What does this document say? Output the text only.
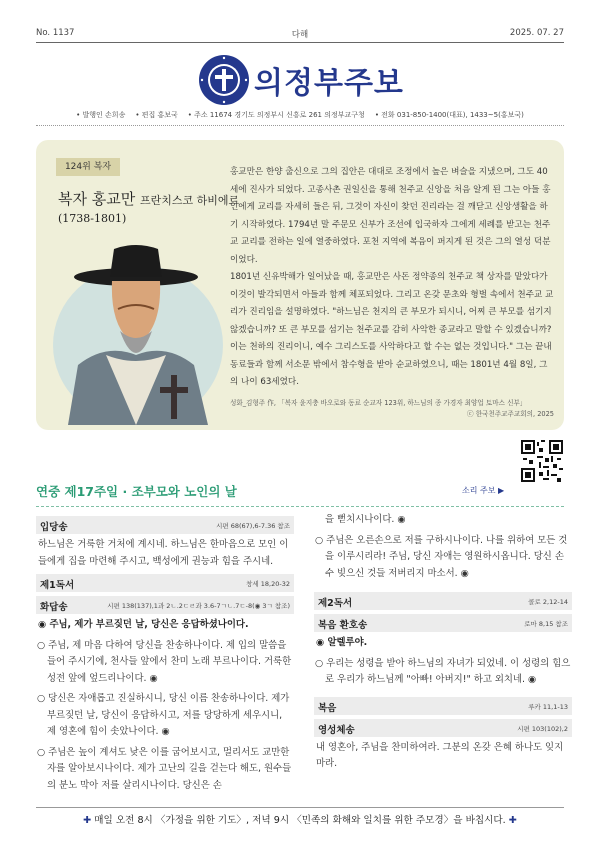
No. 1137	다해	2025. 07. 27
의정부주보
• 발행인 손희송	• 편집 홍보국	• 주소 11674 경기도 의정부시 신흥로 261 의정부교구청	• 전화 031-850-1400(대표), 1433~5(홍보국)
124위 복자
복자 홍교만 프란치스코 하비에르
(1738-1801)

홍교만은 한양 출신으로 그의 집안은 대대로 조정에서 높은 벼슬을 지냈으며, 그도 40세에 진사가 되었다. 고종사촌 권일신을 통해 천주교 신앙을 처음 알게 된 그는 아들 홍인에게 교리를 자세히 들은 뒤, 그것이 자신이 찾던 진리라는 걸 깨닫고 신앙생활을 하기 시작하였다. 1794년 말 주문모 신부가 조선에 입국하자 그에게 세례를 받고는 천주교 교리를 전하는 일에 열중하였다. 포천 지역에 복음이 퍼지게 된 것은 그의 열성 덕분이었다.

1801년 신유박해가 일어났을 때, 홍교만은 사돈 정약종의 천주교 책 상자를 맡았다가 이것이 발각되면서 아들과 함께 체포되었다. 그리고 온갖 문초와 형벌 속에서 천주교 교리가 진리임을 설명하였다. "하느님은 천지의 큰 부모가 되시니, 어찌 큰 부모를 섬기지 않겠습니까? 또 큰 부모를 섬기는 천주교를 감히 사악한 종교라고 말할 수 있겠습니까? 이는 천하의 진리이니, 예수 그리스도를 사악하다고 할 수는 없는 것입니다." 그는 끝내 동료들과 함께 서소문 밖에서 참수형을 받아 순교하였으니, 때는 1801년 4월 8일, 그의 나이 63세였다.

성화_김형주 作, 「복자 윤지충 바오로와 동료 순교자 123위, 하느님의 종 가경자 최양업 토마스 신부」
ⓒ 한국천주교주교회의, 2025
연중 제17주일 · 조부모와 노인의 날	소리 주보 ▶
입당송	시편 68(67),6-7.36 참조
하느님은 거룩한 거처에 계시네. 하느님은 한마음으로 모인 이들에게 집을 마련해 주시고, 백성에게 권능과 힘을 주시네.
제1독서	창세 18,20-32
화답송	시편 138(137),1과 2ㄴ.2ㄷㄹ과 3.6-7ㄱㄴ.7ㄷ-8(◉ 3ㄱ 참조)
◉ 주님, 제가 부르짖던 날, 당신은 응답하셨나이다.
○ 주님, 제 마음 다하여 당신을 찬송하나이다. 제 입의 말씀을 들어 주시기에, 천사들 앞에서 찬미 노래 부르나이다. 거룩한 성전 앞에 엎드리나이다. ◉
○ 당신은 자애롭고 진실하시니, 당신 이름 찬송하나이다. 제가 부르짖던 날, 당신이 응답하시고, 저를 당당하게 세우시니, 제 영혼에 힘이 솟았나이다. ◉
○ 주님은 높이 계셔도 낮은 이를 굽어보시고, 멀리서도 교만한 자를 알아보시나이다. 제가 고난의 길을 걷는다 해도, 원수들의 분노 막아 저를 살리시나이다. 당신은 손
을 뻗치시나이다. ◉
○ 주님은 오른손으로 저를 구하시나이다. 나를 위하여 모든 것을 이루시리라! 주님, 당신 자애는 영원하시옵니다. 당신 손수 빚으신 것들 저버리지 마소서. ◉
제2독서	콜로 2,12-14
복음 환호송	로마 8,15 참조
◉ 알렐루야.
○ 우리는 성령을 받아 하느님의 자녀가 되었네. 이 성령의 힘으로 우리가 하느님께 "아빠! 아버지!" 하고 외치네. ◉
복음	루카 11,1-13
영성체송	시편 103(102),2
내 영혼아, 주님을 찬미하여라. 그분의 온갖 은혜 하나도 잊지 마라.
✚ 매일 오전 8시 〈가정을 위한 기도〉, 저녁 9시 〈민족의 화해와 일치를 위한 주모경〉을 바칩시다. ✚
